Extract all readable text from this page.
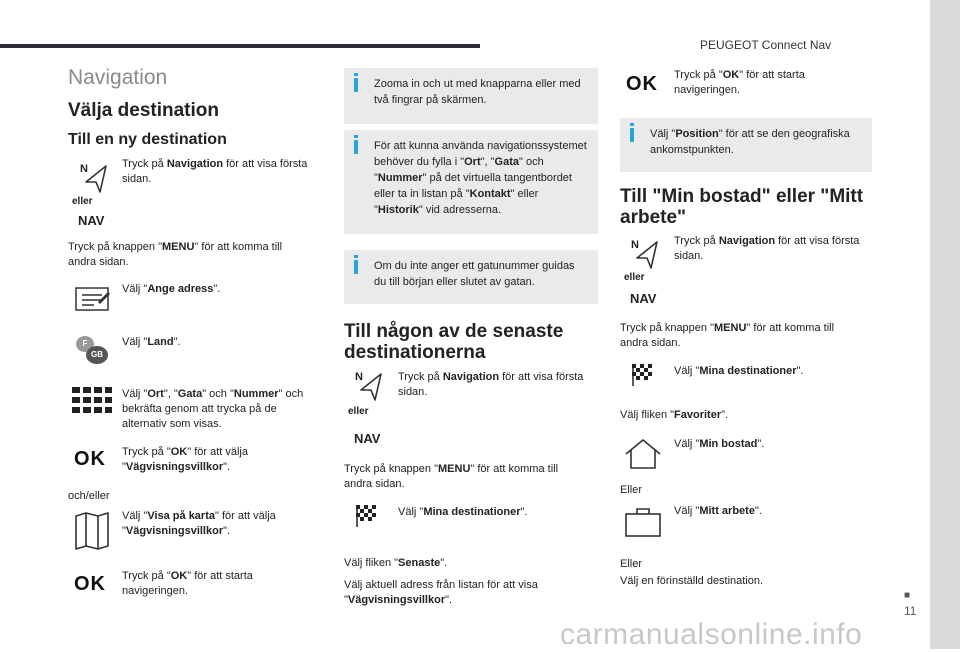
PEUGEOT Connect Nav
Navigation
Välja destination
Till en ny destination
N
eller
NAV
Tryck på Navigation för att visa första sidan.
Tryck på knappen "MENU" för att komma till andra sidan.
Välj "Ange adress".
F
GB
Välj "Land".
Välj "Ort", "Gata" och "Nummer" och bekräfta genom att trycka på de alternativ som visas.
OK Tryck på "OK" för att välja "Vägvisningsvillkor".
och/eller
Välj "Visa på karta" för att välja "Vägvisningsvillkor".
OK Tryck på "OK" för att starta navigeringen.
Zooma in och ut med knapparna eller med två fingrar på skärmen.
För att kunna använda navigationssystemet behöver du fylla i "Ort", "Gata" och "Nummer" på det virtuella tangentbordet eller ta in listan på "Kontakt" eller "Historik" vid adresserna.
Om du inte anger ett gatunummer guidas du till början eller slutet av gatan.
Till någon av de senaste destinationerna
N
eller
NAV
Tryck på Navigation för att visa första sidan.
Tryck på knappen "MENU" för att komma till andra sidan.
Välj "Mina destinationer".
Välj fliken "Senaste".
Välj aktuell adress från listan för att visa "Vägvisningsvillkor".
OK Tryck på "OK" för att starta navigeringen.
Välj "Position" för att se den geografiska ankomstpunkten.
Till "Min bostad" eller "Mitt arbete"
N
eller
NAV
Tryck på Navigation för att visa första sidan.
Tryck på knappen "MENU" för att komma till andra sidan.
Välj "Mina destinationer".
Välj fliken "Favoriter".
Välj "Min bostad".
Eller
Välj "Mitt arbete".
Eller
Välj en förinställd destination.
■
11
carmanualsonline.info
